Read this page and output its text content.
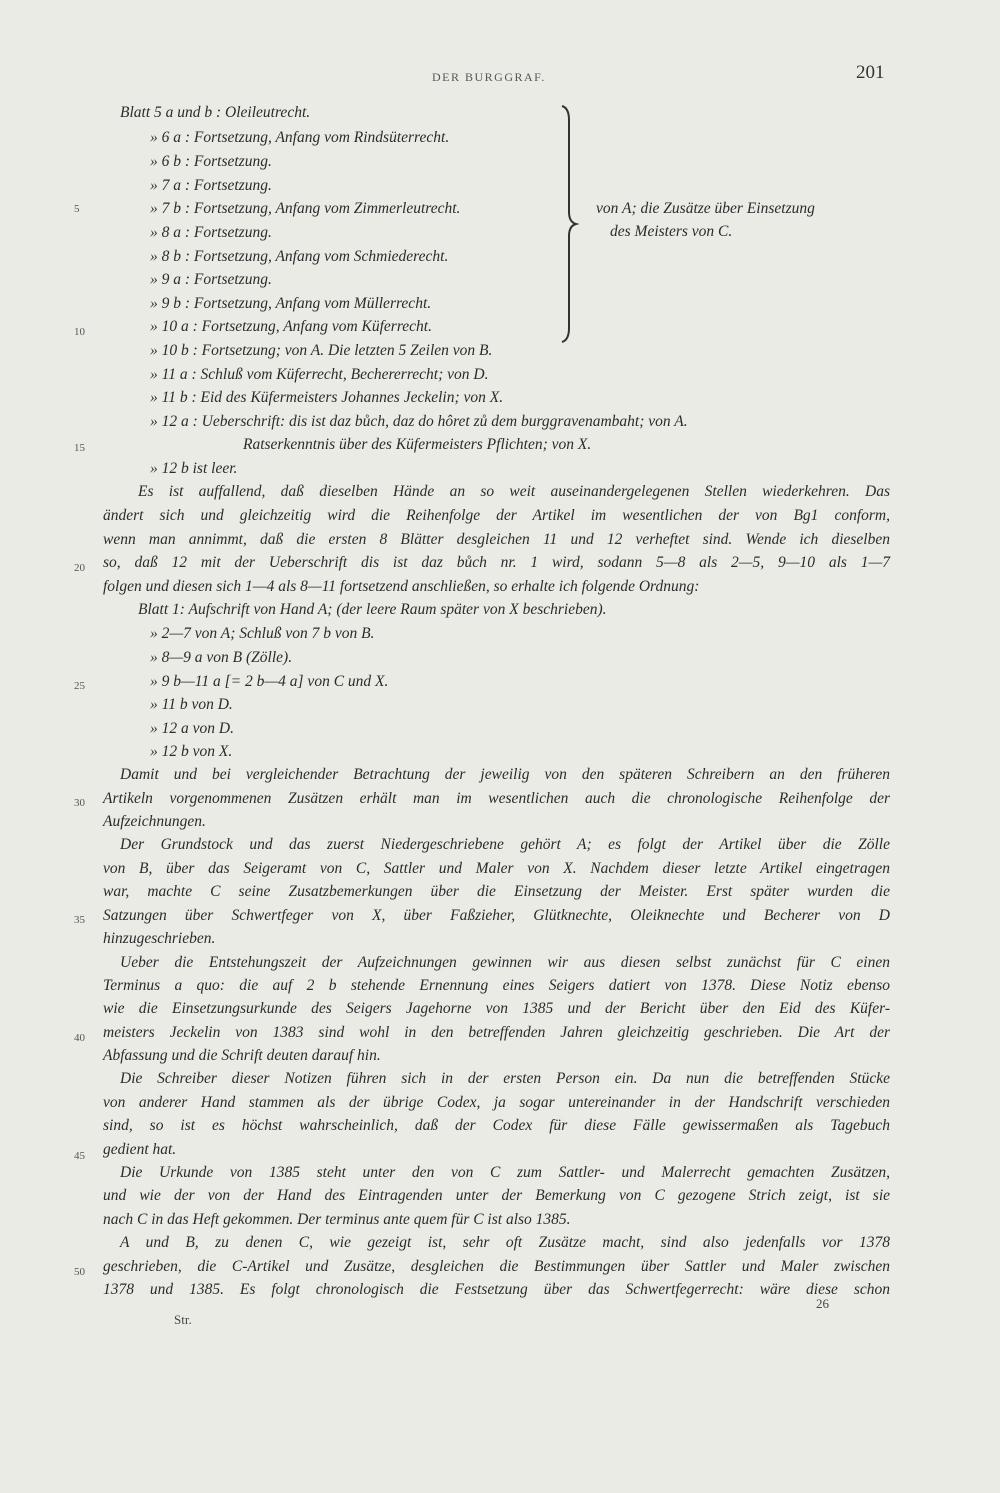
DER BURGGRAF.	201
5
10
15
20
25
30
35
40
45
50
von A; die Zusätze über Einsetzung
des Meisters von C.
Blatt 5 a und b : Oleileutrecht.
» 6 a : Fortsetzung, Anfang vom Rindsüterrecht.
» 6 b : Fortsetzung.
» 7 a : Fortsetzung.
» 7 b : Fortsetzung, Anfang vom Zimmerleutrecht.
» 8 a : Fortsetzung.
» 8 b : Fortsetzung, Anfang vom Schmiederecht.
» 9 a : Fortsetzung.
» 9 b : Fortsetzung, Anfang vom Müllerrecht.
» 10 a : Fortsetzung, Anfang vom Küferrecht.
» 10 b : Fortsetzung; von A. Die letzten 5 Zeilen von B.
» 11 a : Schluß vom Küferrecht, Bechererrecht; von D.
» 11 b : Eid des Küfermeisters Johannes Jeckelin; von X.
» 12 a : Ueberschrift: dis ist daz bůch, daz do hôret zů dem burggravenambaht; von A.
Ratserkenntnis über des Küfermeisters Pflichten; von X.
» 12 b ist leer.
Es ist auffallend, daß dieselben Hände an so weit auseinandergelegenen Stellen wiederkehren. Das
ändert sich und gleichzeitig wird die Reihenfolge der Artikel im wesentlichen der von Bg1 conform,
wenn man annimmt, daß die ersten 8 Blätter desgleichen 11 und 12 verheftet sind. Wende ich dieselben
so, daß 12 mit der Ueberschrift dis ist daz bůch nr. 1 wird, sodann 5—8 als 2—5, 9—10 als 1—7
folgen und diesen sich 1—4 als 8—11 fortsetzend anschließen, so erhalte ich folgende Ordnung:
Blatt 1: Aufschrift von Hand A; (der leere Raum später von X beschrieben).
» 2—7 von A; Schluß von 7 b von B.
» 8—9 a von B (Zölle).
» 9 b—11 a [= 2 b—4 a] von C und X.
» 11 b von D.
» 12 a von D.
» 12 b von X.
Damit und bei vergleichender Betrachtung der jeweilig von den späteren Schreibern an den früheren
Artikeln vorgenommenen Zusätzen erhält man im wesentlichen auch die chronologische Reihenfolge der
Aufzeichnungen.
Der Grundstock und das zuerst Niedergeschriebene gehört A; es folgt der Artikel über die Zölle
von B, über das Seigeramt von C, Sattler und Maler von X. Nachdem dieser letzte Artikel eingetragen
war, machte C seine Zusatzbemerkungen über die Einsetzung der Meister. Erst später wurden die
Satzungen über Schwertfeger von X, über Faßzieher, Glütknechte, Oleiknechte und Becherer von D
hinzugeschrieben.
Ueber die Entstehungszeit der Aufzeichnungen gewinnen wir aus diesen selbst zunächst für C einen
Terminus a quo: die auf 2 b stehende Ernennung eines Seigers datiert von 1378. Diese Notiz ebenso
wie die Einsetzungsurkunde des Seigers Jagehorne von 1385 und der Bericht über den Eid des Küfer-
meisters Jeckelin von 1383 sind wohl in den betreffenden Jahren gleichzeitig geschrieben. Die Art der
Abfassung und die Schrift deuten darauf hin.
Die Schreiber dieser Notizen führen sich in der ersten Person ein. Da nun die betreffenden Stücke
von anderer Hand stammen als der übrige Codex, ja sogar untereinander in der Handschrift verschieden
sind, so ist es höchst wahrscheinlich, daß der Codex für diese Fälle gewissermaßen als Tagebuch
gedient hat.
Die Urkunde von 1385 steht unter den von C zum Sattler- und Malerrecht gemachten Zusätzen,
und wie der von der Hand des Eintragenden unter der Bemerkung von C gezogene Strich zeigt, ist sie
nach C in das Heft gekommen. Der terminus ante quem für C ist also 1385.
A und B, zu denen C, wie gezeigt ist, sehr oft Zusätze macht, sind also jedenfalls vor 1378
geschrieben, die C-Artikel und Zusätze, desgleichen die Bestimmungen über Sattler und Maler zwischen
1378 und 1385. Es folgt chronologisch die Festsetzung über das Schwertfegerrecht: wäre diese schon
Str.
26
